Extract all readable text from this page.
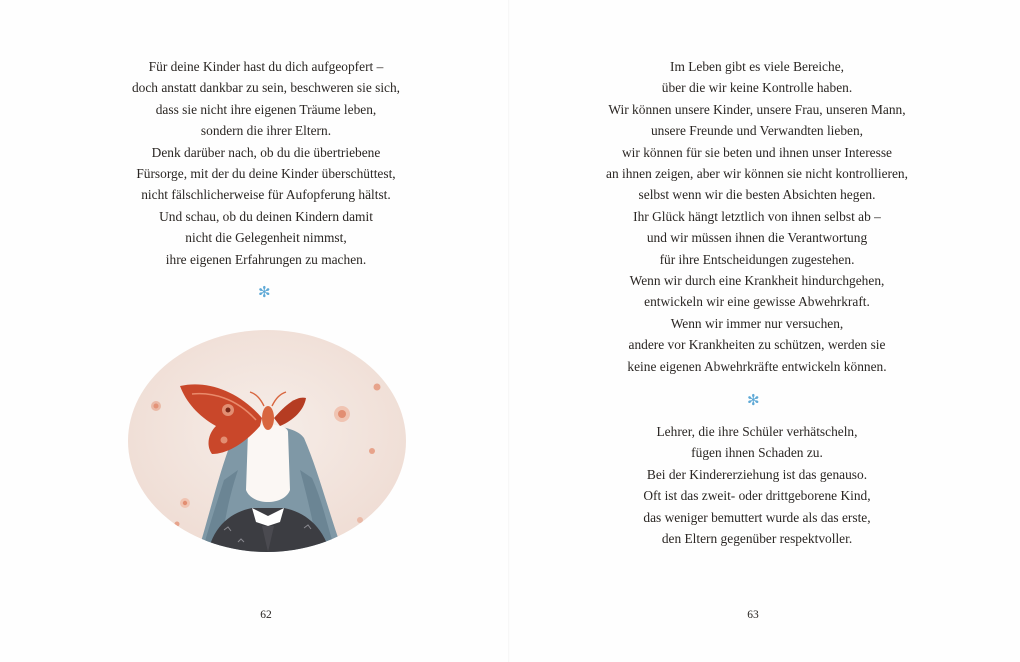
Für deine Kinder hast du dich aufgeopfert –
doch anstatt dankbar zu sein, beschweren sie sich,
dass sie nicht ihre eigenen Träume leben,
sondern die ihrer Eltern.
Denk darüber nach, ob du die übertriebene
Fürsorge, mit der du deine Kinder überschüttest,
nicht fälschlicherweise für Aufopferung hältst.
Und schau, ob du deinen Kindern damit
nicht die Gelegenheit nimmst,
ihre eigenen Erfahrungen zu machen.
✻
62
Im Leben gibt es viele Bereiche,
über die wir keine Kontrolle haben.
Wir können unsere Kinder, unsere Frau, unseren Mann,
unsere Freunde und Verwandten lieben,
wir können für sie beten und ihnen unser Interesse
an ihnen zeigen, aber wir können sie nicht kontrollieren,
selbst wenn wir die besten Absichten hegen.
Ihr Glück hängt letztlich von ihnen selbst ab –
und wir müssen ihnen die Verantwortung
für ihre Entscheidungen zugestehen.
Wenn wir durch eine Krankheit hindurchgehen,
entwickeln wir eine gewisse Abwehrkraft.
Wenn wir immer nur versuchen,
andere vor Krankheiten zu schützen, werden sie
keine eigenen Abwehrkräfte entwickeln können.
✻
Lehrer, die ihre Schüler verhätscheln,
fügen ihnen Schaden zu.
Bei der Kindererziehung ist das genauso.
Oft ist das zweit- oder drittgeborene Kind,
das weniger bemuttert wurde als das erste,
den Eltern gegenüber respektvoller.
63
